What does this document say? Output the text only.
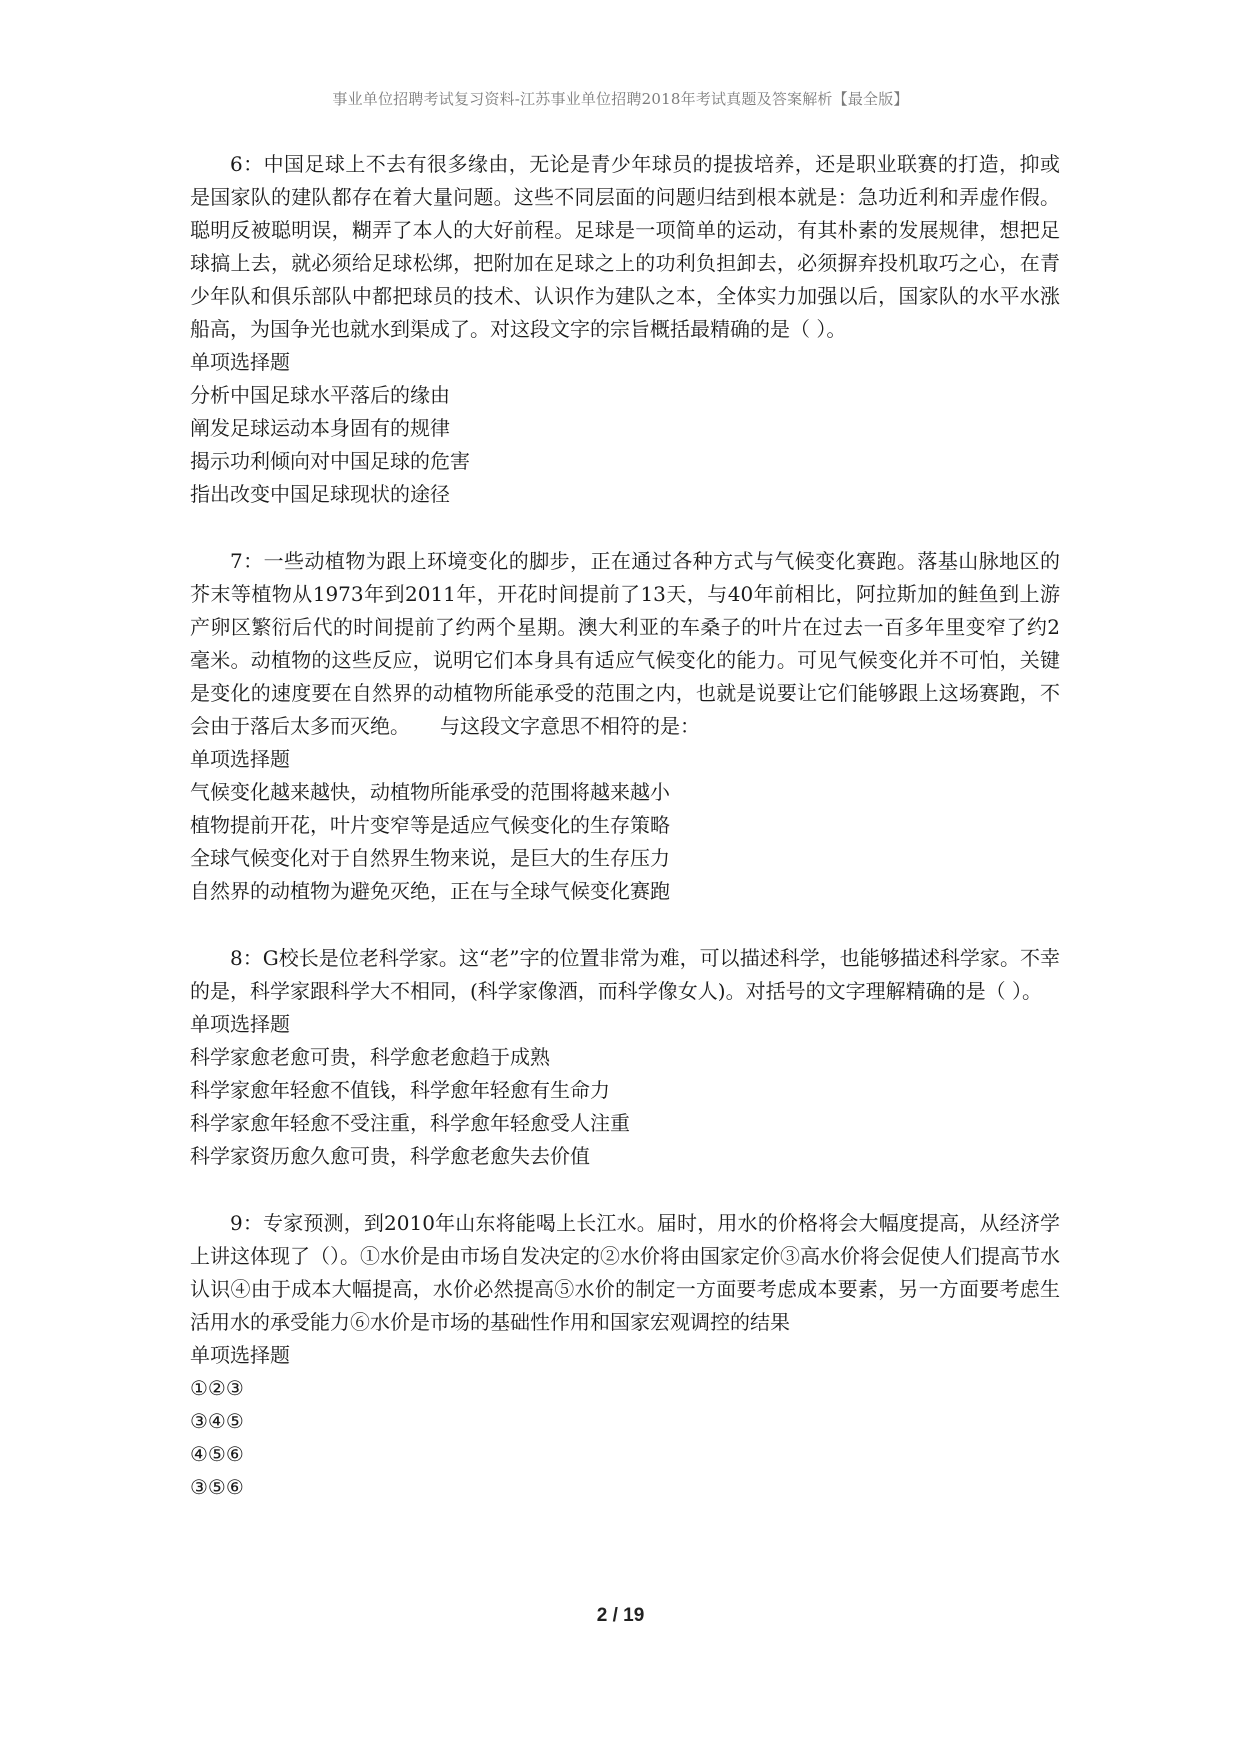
事业单位招聘考试复习资料-江苏事业单位招聘2018年考试真题及答案解析【最全版】

6：中国足球上不去有很多缘由，无论是青少年球员的提拔培养，还是职业联赛的打造，抑或是国家队的建队都存在着大量问题。这些不同层面的问题归结到根本就是：急功近利和弄虚作假。聪明反被聪明误，糊弄了本人的大好前程。足球是一项简单的运动，有其朴素的发展规律，想把足球搞上去，就必须给足球松绑，把附加在足球之上的功利负担卸去，必须摒弃投机取巧之心，在青少年队和俱乐部队中都把球员的技术、认识作为建队之本，全体实力加强以后，国家队的水平水涨船高，为国争光也就水到渠成了。对这段文字的宗旨概括最精确的是（ ）。

单项选择题

分析中国足球水平落后的缘由

阐发足球运动本身固有的规律

揭示功利倾向对中国足球的危害

指出改变中国足球现状的途径

7：一些动植物为跟上环境变化的脚步，正在通过各种方式与气候变化赛跑。落基山脉地区的芥末等植物从1973年到2011年，开花时间提前了13天，与40年前相比，阿拉斯加的鲑鱼到上游产卵区繁衍后代的时间提前了约两个星期。澳大利亚的车桑子的叶片在过去一百多年里变窄了约2毫米。动植物的这些反应，说明它们本身具有适应气候变化的能力。可见气候变化并不可怕，关键是变化的速度要在自然界的动植物所能承受的范围之内，也就是说要让它们能够跟上这场赛跑，不会由于落后太多而灭绝。　　与这段文字意思不相符的是：

单项选择题

气候变化越来越快，动植物所能承受的范围将越来越小

植物提前开花，叶片变窄等是适应气候变化的生存策略

全球气候变化对于自然界生物来说，是巨大的生存压力

自然界的动植物为避免灭绝，正在与全球气候变化赛跑

8：G校长是位老科学家。这“老”字的位置非常为难，可以描述科学，也能够描述科学家。不幸的是，科学家跟科学大不相同，(科学家像酒，而科学像女人)。对括号的文字理解精确的是（ ）。

单项选择题

科学家愈老愈可贵，科学愈老愈趋于成熟

科学家愈年轻愈不值钱，科学愈年轻愈有生命力

科学家愈年轻愈不受注重，科学愈年轻愈受人注重

科学家资历愈久愈可贵，科学愈老愈失去价值

9：专家预测，到2010年山东将能喝上长江水。届时，用水的价格将会大幅度提高，从经济学上讲这体现了（）。①水价是由市场自发决定的②水价将由国家定价③高水价将会促使人们提高节水认识④由于成本大幅提高，水价必然提高⑤水价的制定一方面要考虑成本要素，另一方面要考虑生活用水的承受能力⑥水价是市场的基础性作用和国家宏观调控的结果

单项选择题

①②③

③④⑤

④⑤⑥

③⑤⑥

2 / 19
